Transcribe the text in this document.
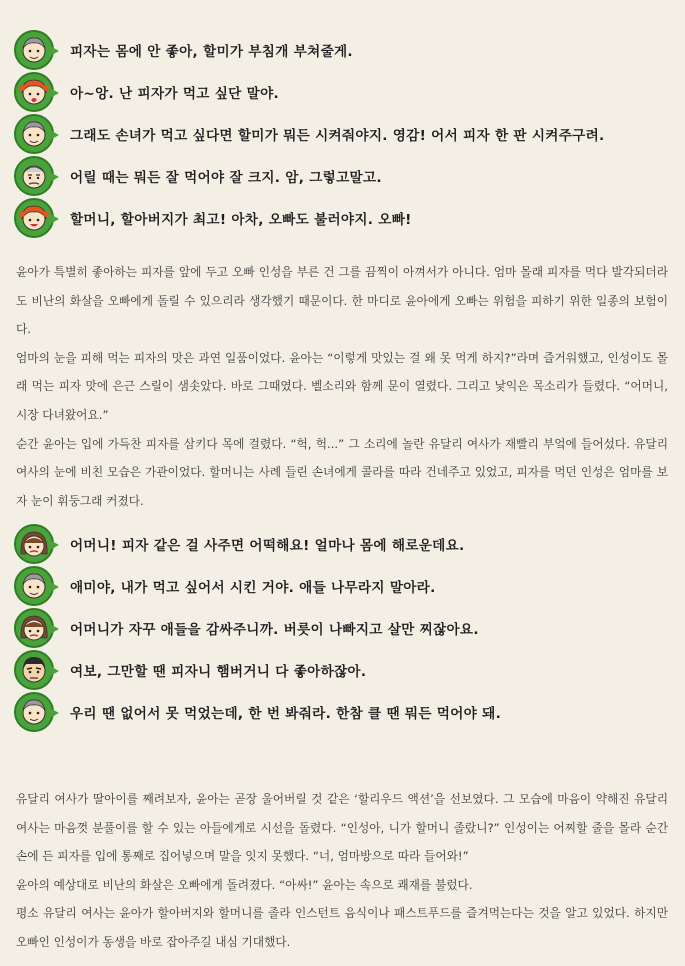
피자는 몸에 안 좋아, 할미가 부침개 부쳐줄게.
아~앙. 난 피자가 먹고 싶단 말야.
그래도 손녀가 먹고 싶다면 할미가 뭐든 시켜줘야지. 영감! 어서 피자 한 판 시켜주구려.
어릴 때는 뭐든 잘 먹어야 잘 크지. 암, 그렇고말고.
할머니, 할아버지가 최고! 아차, 오빠도 불러야지. 오빠!

윤아가 특별히 좋아하는 피자를 앞에 두고 오빠 인성을 부른 건 그를 끔찍이 아껴서가 아니다. 엄마 몰래 피자를 먹다 발각되더라도 비난의 화살을 오빠에게 돌릴 수 있으리라 생각했기 때문이다. 한 마디로 윤아에게 오빠는 위험을 피하기 위한 일종의 보험이다.

엄마의 눈을 피해 먹는 피자의 맛은 과연 일품이었다. 윤아는 “이렇게 맛있는 걸 왜 못 먹게 하지?”라며 즐거워했고, 인성이도 몰래 먹는 피자 맛에 은근 스릴이 샘솟았다. 바로 그때였다. 벨소리와 함께 문이 열렸다. 그리고 낯익은 목소리가 들렸다. “어머니, 시장 다녀왔어요.”

순간 윤아는 입에 가득찬 피자를 삼키다 목에 걸렸다. “헉, 헉...” 그 소리에 놀란 유달리 여사가 재빨리 부엌에 들어섰다. 유달리 여사의 눈에 비친 모습은 가관이었다. 할머니는 사례 들린 손녀에게 콜라를 따라 건네주고 있었고, 피자를 먹던 인성은 엄마를 보자 눈이 휘둥그래 커졌다.

어머니! 피자 같은 걸 사주면 어떡해요! 얼마나 몸에 해로운데요.
애미야, 내가 먹고 싶어서 시킨 거야. 애들 나무라지 말아라.
어머니가 자꾸 애들을 감싸주니까. 버릇이 나빠지고 살만 찌잖아요.
여보, 그만할 땐 피자니 햄버거니 다 좋아하잖아.
우리 땐 없어서 못 먹었는데, 한 번 봐줘라. 한참 클 땐 뭐든 먹어야 돼.

유달리 여사가 딸아이를 째려보자, 윤아는 곧장 울어버릴 것 같은 ‘할리우드 액션’을 선보였다. 그 모습에 마음이 약해진 유달리 여사는 마음껏 분풀이를 할 수 있는 아들에게로 시선을 돌렸다. “인성아, 니가 할머니 졸랐니?” 인성이는 어찌할 줄을 몰라 순간 손에 든 피자를 입에 통째로 집어넣으며 말을 잇지 못했다. “너, 엄마방으로 따라 들어와!”

윤아의 예상대로 비난의 화살은 오빠에게 돌려졌다. “아싸!” 윤아는 속으로 쾌재를 불렀다.

평소 유달리 여사는 윤아가 할아버지와 할머니를 졸라 인스턴트 음식이나 패스트푸드를 즐겨먹는다는 것을 알고 있었다. 하지만 오빠인 인성이가 동생을 바로 잡아주길 내심 기대했다.
